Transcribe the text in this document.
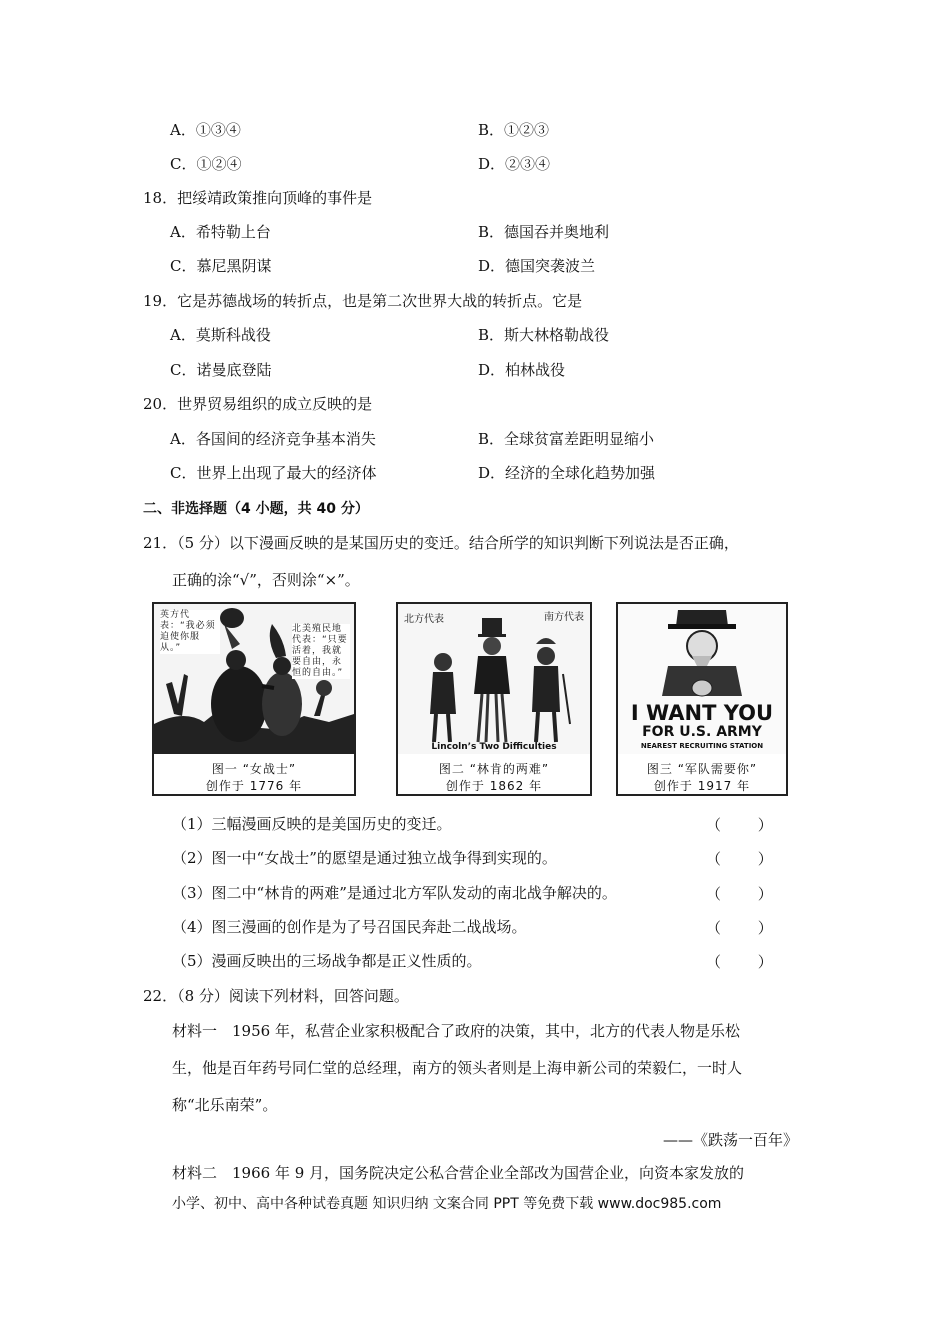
A．①③④	B．①②③
C．①②④	D．②③④
18．把绥靖政策推向顶峰的事件是
A．希特勒上台	B．德国吞并奥地利
C．慕尼黑阴谋	D．德国突袭波兰
19．它是苏德战场的转折点，也是第二次世界大战的转折点。它是
A．莫斯科战役	B．斯大林格勒战役
C．诺曼底登陆	D．柏林战役
20．世界贸易组织的成立反映的是
A．各国间的经济竞争基本消失	B．全球贫富差距明显缩小
C．世界上出现了最大的经济体	D．经济的全球化趋势加强
二、非选择题（4 小题，共 40 分）
21．（5 分）以下漫画反映的是某国历史的变迁。结合所学的知识判断下列说法是否正确，
正确的涂“√”，否则涂“×”。
英方代表：“我必须迫使你服从。”
北美殖民地代表：“只要活着，我就要自由，永恒的自由。”
图一 “女战士”
创作于 1776 年
北方代表	南方代表
Lincoln’s Two Difficulties
图二 “林肯的两难”
创作于 1862 年
I WANT YOU
FOR U.S. ARMY
NEAREST RECRUITING STATION
图三 “军队需要你”
创作于 1917 年
（1）三幅漫画反映的是美国历史的变迁。	（ ）
（2）图一中“女战士”的愿望是通过独立战争得到实现的。	（ ）
（3）图二中“林肯的两难”是通过北方军队发动的南北战争解决的。	（ ）
（4）图三漫画的创作是为了号召国民奔赴二战战场。	（ ）
（5）漫画反映出的三场战争都是正义性质的。	（ ）
22．（8 分）阅读下列材料，回答问题。
材料一　1956 年，私营企业家积极配合了政府的决策，其中，北方的代表人物是乐松
生，他是百年药号同仁堂的总经理，南方的领头者则是上海申新公司的荣毅仁，一时人
称“北乐南荣”。
——《跌荡一百年》
材料二　1966 年 9 月，国务院决定公私合营企业全部改为国营企业，向资本家发放的
小学、初中、高中各种试卷真题 知识归纳 文案合同 PPT 等免费下载 www.doc985.com
